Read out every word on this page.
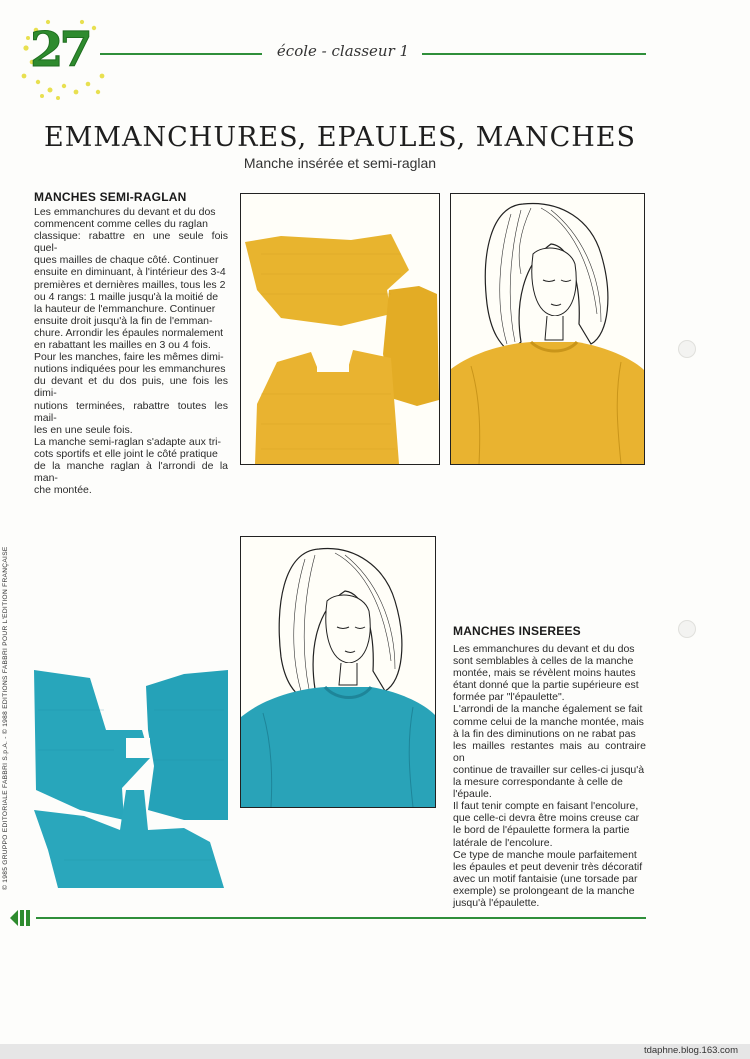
27	école - classeur 1
EMMANCHURES, EPAULES, MANCHES
Manche insérée et semi-raglan
MANCHES SEMI-RAGLAN

Les emmanchures du devant et du dos

commencent comme celles du raglan

classique: rabattre en une seule fois quel-

ques mailles de chaque côté. Continuer

ensuite en diminuant, à l'intérieur des 3-4

premières et dernières mailles, tous les 2

ou 4 rangs: 1 maille jusqu'à la moitié de

la hauteur de l'emmanchure. Continuer

ensuite droit jusqu'à la fin de l'emman-

chure. Arrondir les épaules normalement

en rabattant les mailles en 3 ou 4 fois.

Pour les manches, faire les mêmes dimi-

nutions indiquées pour les emmanchures

du devant et du dos puis, une fois les dimi-

nutions terminées, rabattre toutes les mail-

les en une seule fois.

La manche semi-raglan s'adapte aux tri-

cots sportifs et elle joint le côté pratique

de la manche raglan à l'arrondi de la man-

che montée.

MANCHES INSEREES

Les emmanchures du devant et du dos

sont semblables à celles de la manche

montée, mais se révèlent moins hautes

étant donné que la partie supérieure est

formée par "l'épaulette".

L'arrondi de la manche également se fait

comme celui de la manche montée, mais

à la fin des diminutions on ne rabat pas

les mailles restantes mais au contraire on

continue de travailler sur celles-ci jusqu'à

la mesure correspondante à celle de

l'épaule.

Il faut tenir compte en faisant l'encolure,

que celle-ci devra être moins creuse car

le bord de l'épaulette formera la partie

latérale de l'encolure.

Ce type de manche moule parfaitement

les épaules et peut devenir très décoratif

avec un motif fantaisie (une torsade par

exemple) se prolongeant de la manche

jusqu'à l'épaulette.

© 1985 GRUPPO EDITORIALE FABBRI S.p.A. - © 1988 EDITIONS FABBRI POUR L'EDITION FRANÇAISE
tdaphne.blog.163.com
